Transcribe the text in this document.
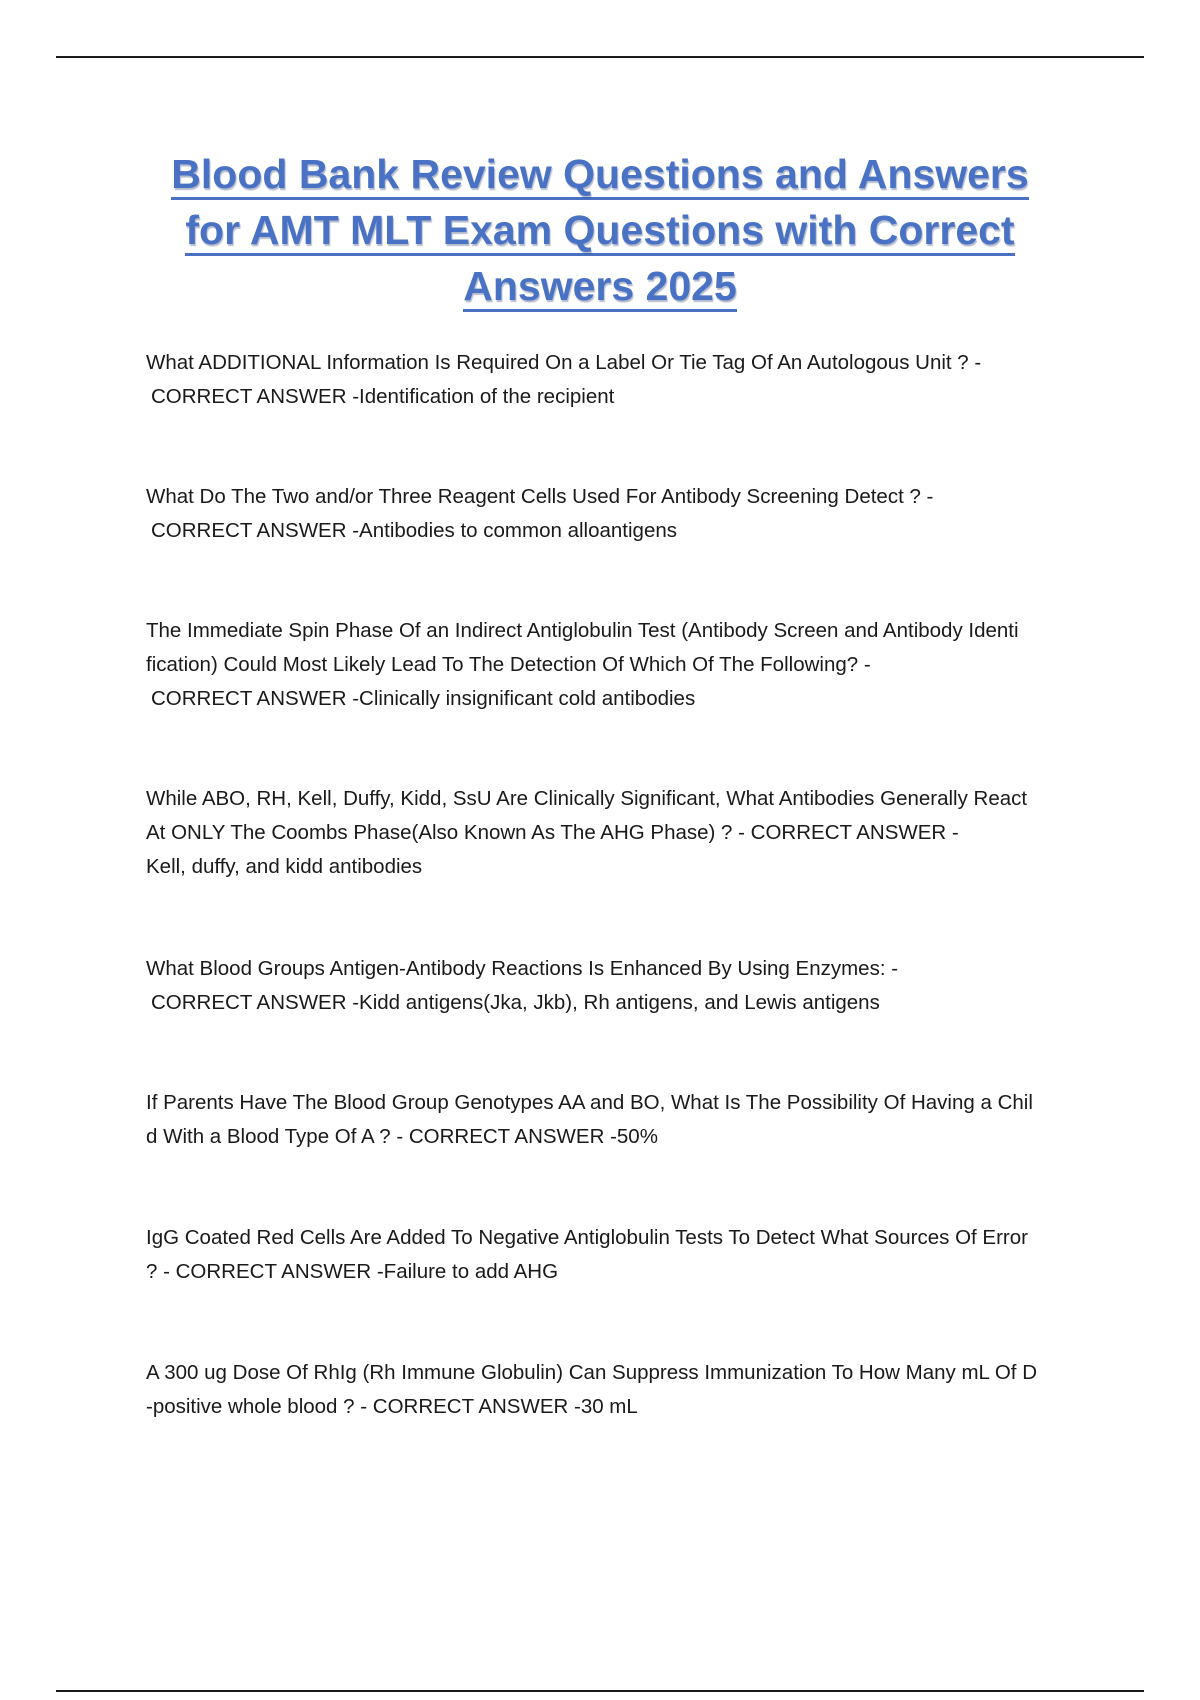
Blood Bank Review Questions and Answers
for AMT MLT Exam Questions with Correct
Answers 2025
What ADDITIONAL Information Is Required On a Label Or Tie Tag Of An Autologous Unit ? -
CORRECT ANSWER -Identification of the recipient
What Do The Two and/or Three Reagent Cells Used For Antibody Screening Detect ? -
CORRECT ANSWER -Antibodies to common alloantigens
The Immediate Spin Phase Of an Indirect Antiglobulin Test (Antibody Screen and Antibody Identi
fication) Could Most Likely Lead To The Detection Of Which Of The Following? -
CORRECT ANSWER -Clinically insignificant cold antibodies
While ABO, RH, Kell, Duffy, Kidd, SsU Are Clinically Significant, What Antibodies Generally React
At ONLY The Coombs Phase(Also Known As The AHG Phase) ? - CORRECT ANSWER -
Kell, duffy, and kidd antibodies
What Blood Groups Antigen-Antibody Reactions Is Enhanced By Using Enzymes: -
CORRECT ANSWER -Kidd antigens(Jka, Jkb), Rh antigens, and Lewis antigens
If Parents Have The Blood Group Genotypes AA and BO, What Is The Possibility Of Having a Chil
d With a Blood Type Of A ? - CORRECT ANSWER -50%
IgG Coated Red Cells Are Added To Negative Antiglobulin Tests To Detect What Sources Of Error
? - CORRECT ANSWER -Failure to add AHG
A 300 ug Dose Of RhIg (Rh Immune Globulin) Can Suppress Immunization To How Many mL Of D
-positive whole blood ? - CORRECT ANSWER -30 mL
